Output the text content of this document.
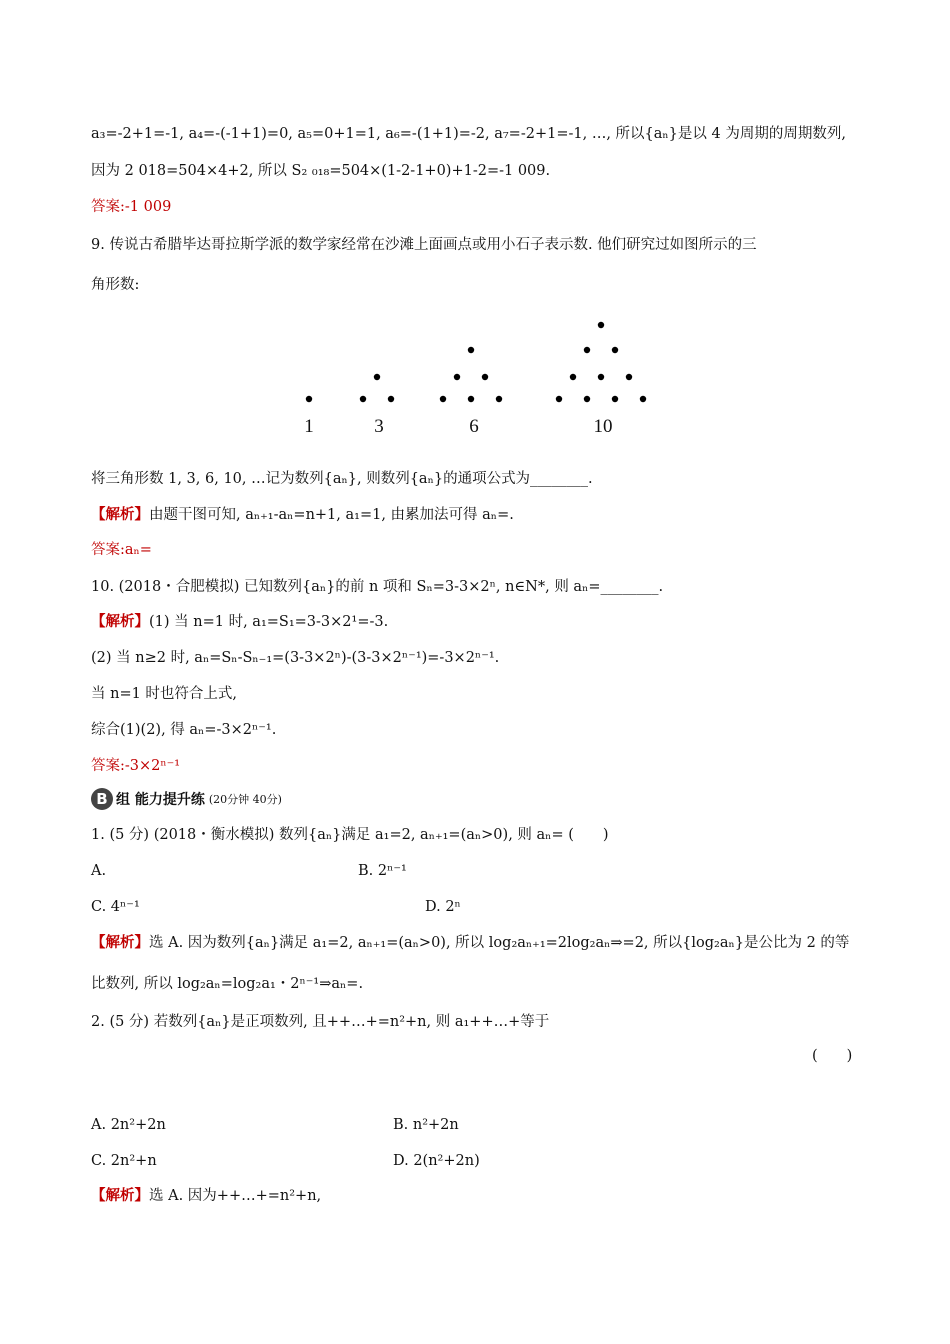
a₃=-2+1=-1, a₄=-(-1+1)=0, a₅=0+1=1, a₆=-(1+1)=-2, a₇=-2+1=-1, …, 所以{aₙ}是以 4 为周期的周期数列,
因为 2 018=504×4+2, 所以 S₂ ₀₁₈=504×(1-2-1+0)+1-2=-1 009.
答案:-1 009
9. 传说古希腊毕达哥拉斯学派的数学家经常在沙滩上面画点或用小石子表示数. 他们研究过如图所示的三
角形数:
1	3	6	10
将三角形数 1, 3, 6, 10, …记为数列{aₙ}, 则数列{aₙ}的通项公式为________.
【解析】由题干图可知, aₙ₊₁-aₙ=n+1, a₁=1, 由累加法可得 aₙ=.
答案:aₙ=
10. (2018・合肥模拟) 已知数列{aₙ}的前 n 项和 Sₙ=3-3×2ⁿ, n∈N*, 则 aₙ=________.
【解析】(1) 当 n=1 时, a₁=S₁=3-3×2¹=-3.
(2) 当 n≥2 时, aₙ=Sₙ-Sₙ₋₁=(3-3×2ⁿ)-(3-3×2ⁿ⁻¹)=-3×2ⁿ⁻¹.
当 n=1 时也符合上式,
综合(1)(2), 得 aₙ=-3×2ⁿ⁻¹.
答案:-3×2ⁿ⁻¹
B 组 能力提升练 (20分钟 40分)
1. (5 分) (2018・衡水模拟) 数列{aₙ}满足 a₁=2, aₙ₊₁=(aₙ>0), 则 aₙ= (　　)
A.	B. 2ⁿ⁻¹
C. 4ⁿ⁻¹	D. 2ⁿ
【解析】选 A. 因为数列{aₙ}满足 a₁=2, aₙ₊₁=(aₙ>0), 所以 log₂aₙ₊₁=2log₂aₙ⇒=2, 所以{log₂aₙ}是公比为 2 的等
比数列, 所以 log₂aₙ=log₂a₁・2ⁿ⁻¹⇒aₙ=.
2. (5 分) 若数列{aₙ}是正项数列, 且++…+=n²+n, 则 a₁++…+等于
(　　)
A. 2n²+2n	B. n²+2n
C. 2n²+n	D. 2(n²+2n)
【解析】选 A. 因为++…+=n²+n,
